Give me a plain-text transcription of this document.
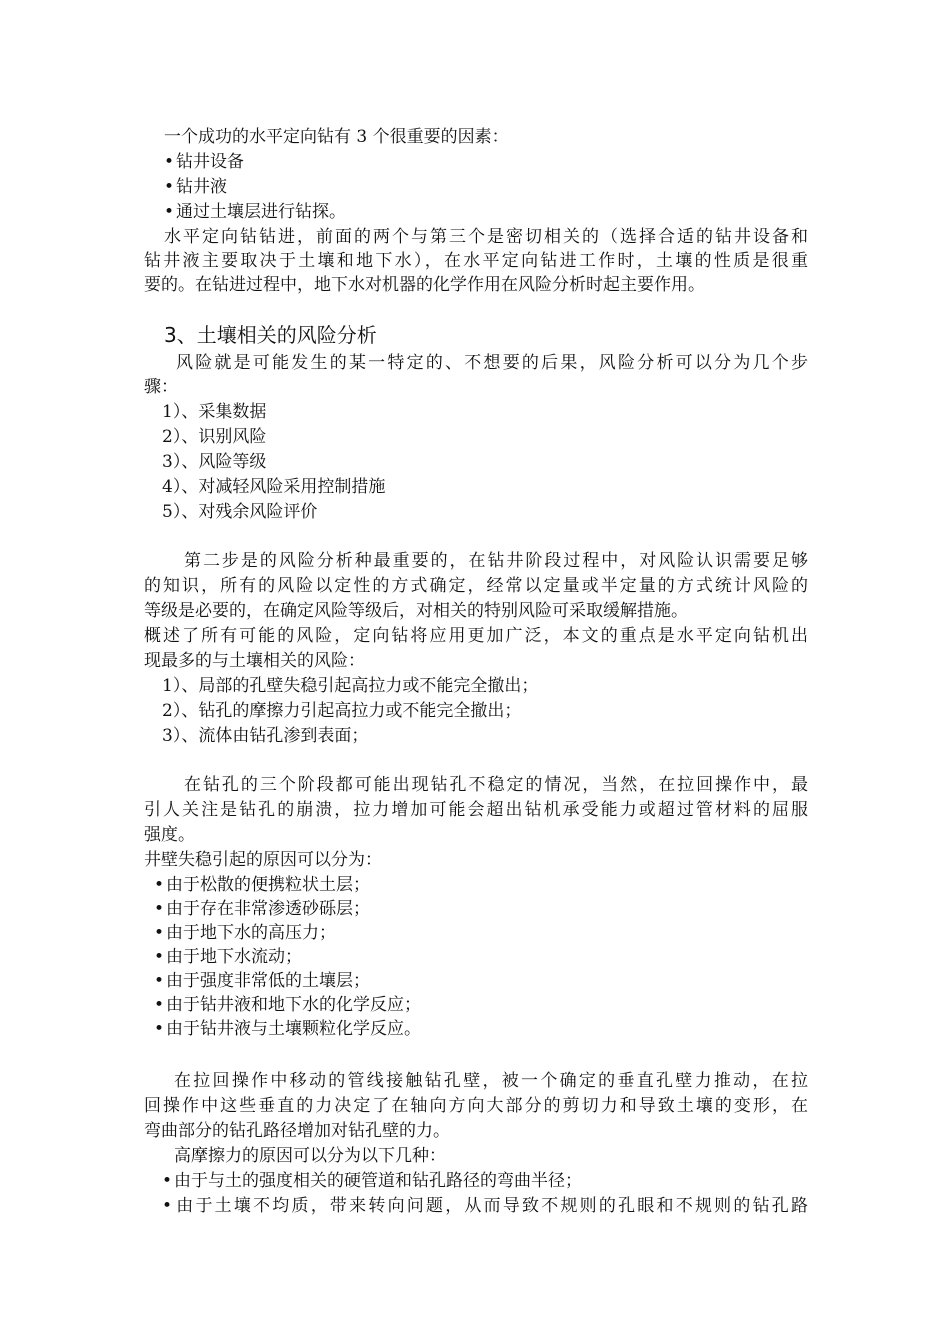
一个成功的水平定向钻有 3 个很重要的因素：
• 钻井设备
• 钻井液
• 通过土壤层进行钻探。
水平定向钻钻进，前面的两个与第三个是密切相关的（选择合适的钻井设备和
钻井液主要取决于土壤和地下水），在水平定向钻进工作时，土壤的性质是很重
要的。在钻进过程中，地下水对机器的化学作用在风险分析时起主要作用。
3、土壤相关的风险分析
风险就是可能发生的某一特定的、不想要的后果，风险分析可以分为几个步
骤：
1）、采集数据
2）、识别风险
3）、风险等级
4）、对减轻风险采用控制措施
5）、对残余风险评价
第二步是的风险分析种最重要的，在钻井阶段过程中，对风险认识需要足够
的知识，所有的风险以定性的方式确定，经常以定量或半定量的方式统计风险的
等级是必要的，在确定风险等级后，对相关的特别风险可采取缓解措施。
概述了所有可能的风险，定向钻将应用更加广泛，本文的重点是水平定向钻机出
现最多的与土壤相关的风险：
1）、局部的孔壁失稳引起高拉力或不能完全撤出；
2）、钻孔的摩擦力引起高拉力或不能完全撤出；
3）、流体由钻孔渗到表面；
在钻孔的三个阶段都可能出现钻孔不稳定的情况，当然，在拉回操作中，最
引人关注是钻孔的崩溃，拉力增加可能会超出钻机承受能力或超过管材料的屈服
强度。
井壁失稳引起的原因可以分为：
• 由于松散的便携粒状土层；
• 由于存在非常渗透砂砾层；
• 由于地下水的高压力；
• 由于地下水流动；
• 由于强度非常低的土壤层；
• 由于钻井液和地下水的化学反应；
• 由于钻井液与土壤颗粒化学反应。
在拉回操作中移动的管线接触钻孔壁，被一个确定的垂直孔壁力推动，在拉
回操作中这些垂直的力决定了在轴向方向大部分的剪切力和导致土壤的变形，在
弯曲部分的钻孔路径增加对钻孔壁的力。
高摩擦力的原因可以分为以下几种：
• 由于与土的强度相关的硬管道和钻孔路径的弯曲半径；
• 由于土壤不均质，带来转向问题，从而导致不规则的孔眼和不规则的钻孔路
